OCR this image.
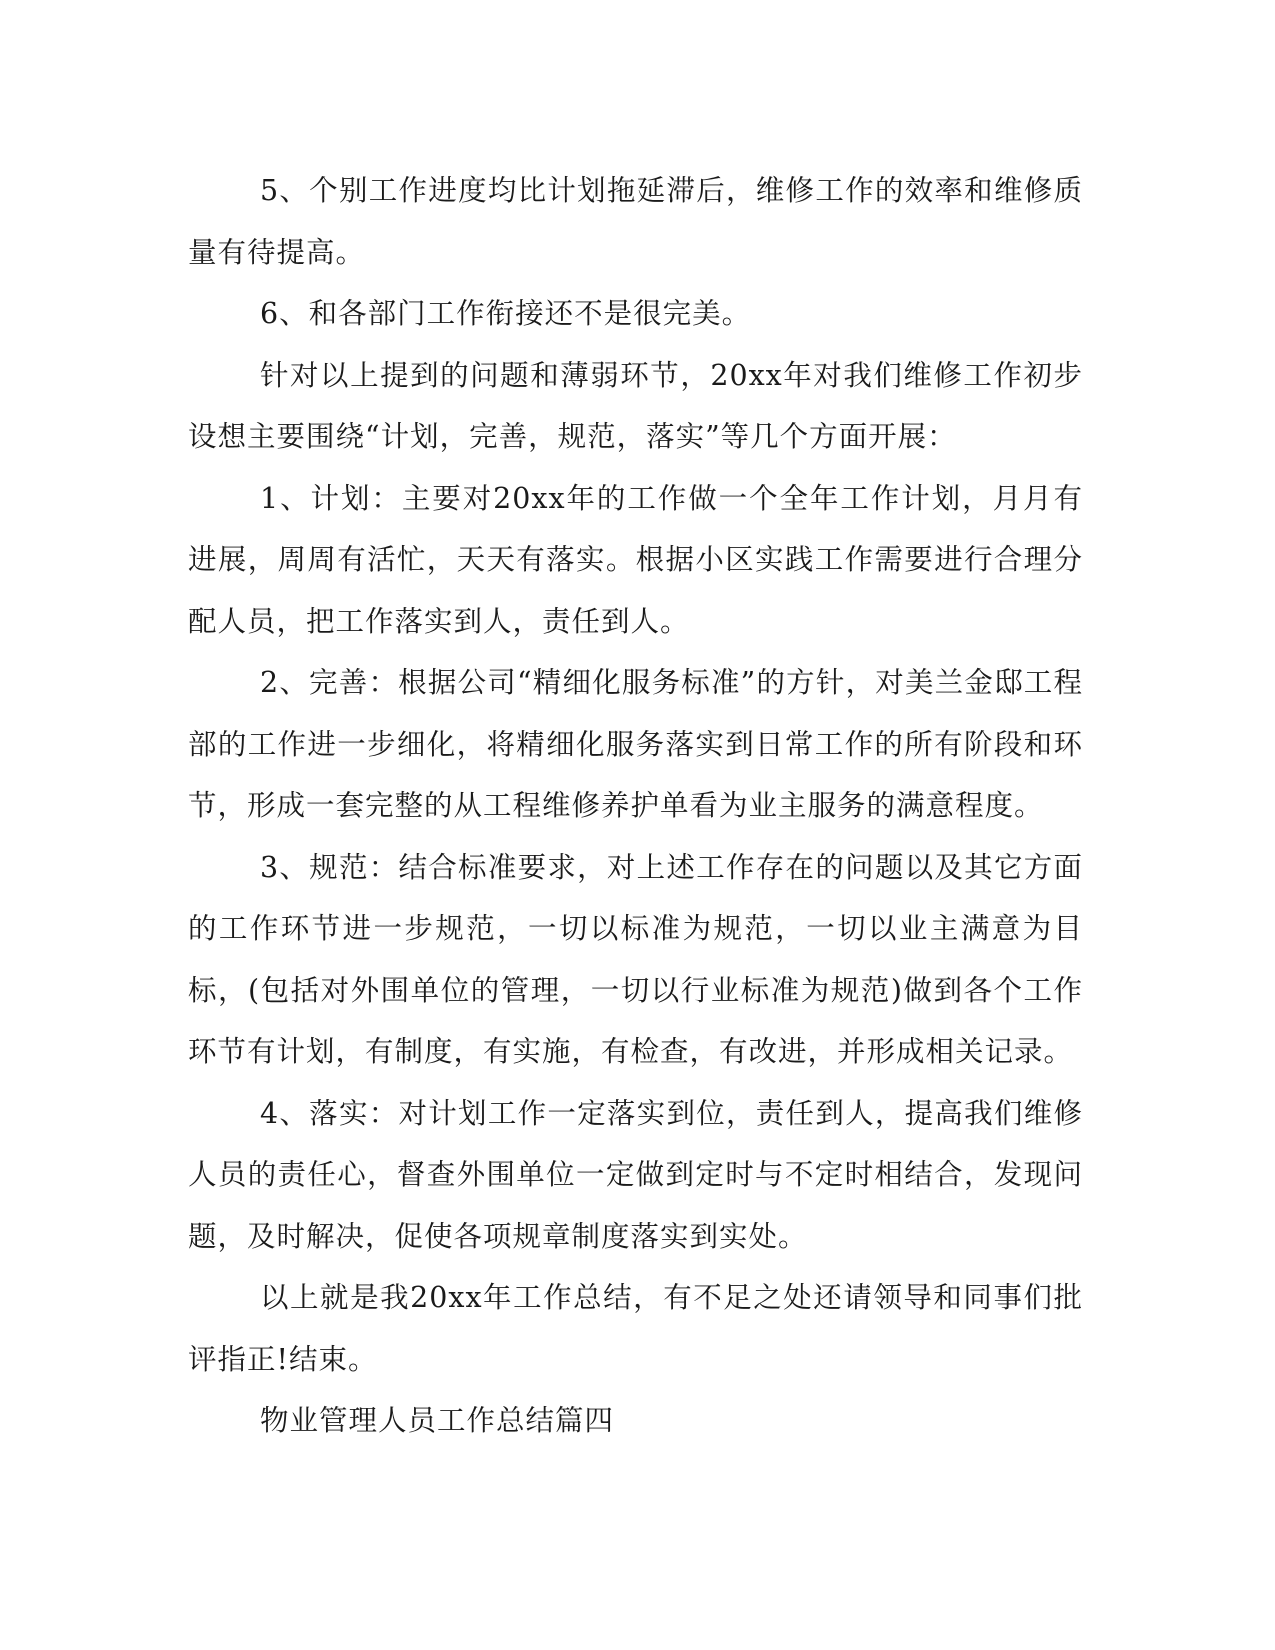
5、个别工作进度均比计划拖延滞后，维修工作的效率和维修质量有待提高。

6、和各部门工作衔接还不是很完美。

针对以上提到的问题和薄弱环节，20xx年对我们维修工作初步设想主要围绕“计划，完善，规范，落实”等几个方面开展：

1、计划：主要对20xx年的工作做一个全年工作计划，月月有进展，周周有活忙，天天有落实。根据小区实践工作需要进行合理分配人员，把工作落实到人，责任到人。

2、完善：根据公司“精细化服务标准”的方针，对美兰金邸工程部的工作进一步细化，将精细化服务落实到日常工作的所有阶段和环节，形成一套完整的从工程维修养护单看为业主服务的满意程度。

3、规范：结合标准要求，对上述工作存在的问题以及其它方面的工作环节进一步规范，一切以标准为规范，一切以业主满意为目标，(包括对外围单位的管理，一切以行业标准为规范)做到各个工作环节有计划，有制度，有实施，有检查，有改进，并形成相关记录。

4、落实：对计划工作一定落实到位，责任到人，提高我们维修人员的责任心，督查外围单位一定做到定时与不定时相结合，发现问题，及时解决，促使各项规章制度落实到实处。

以上就是我20xx年工作总结，有不足之处还请领导和同事们批评指正!结束。

物业管理人员工作总结篇四
